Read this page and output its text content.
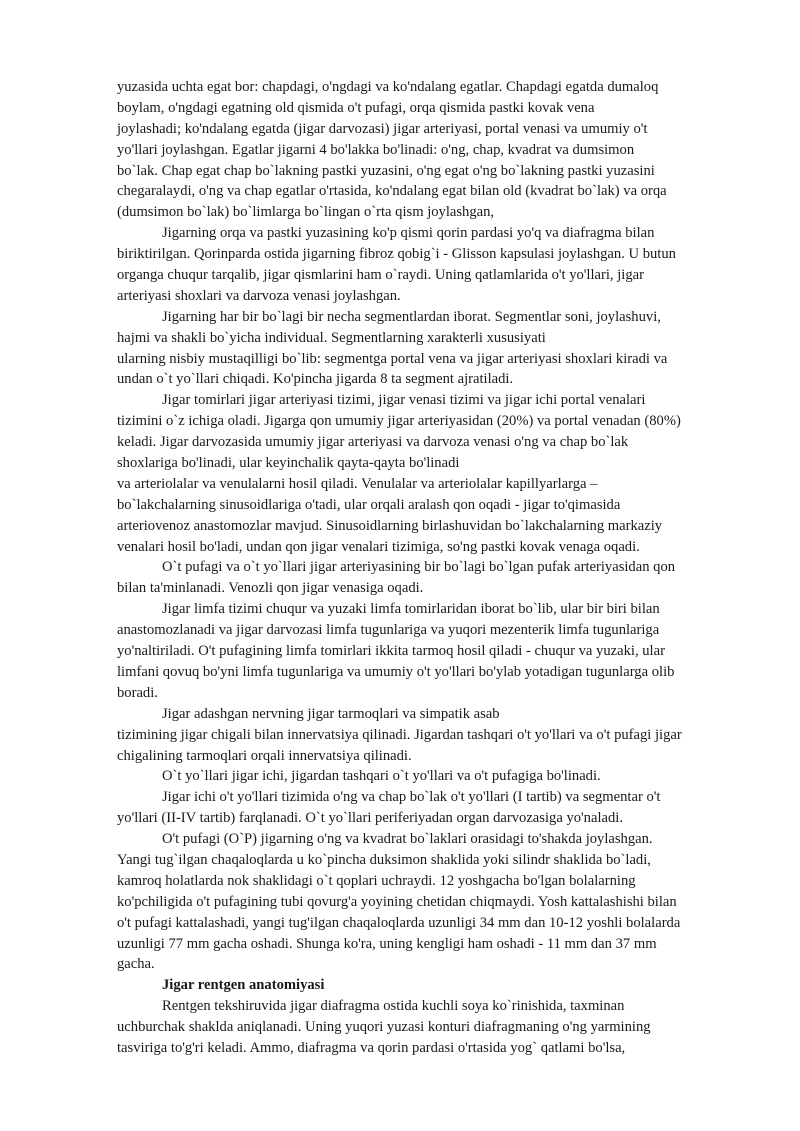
yuzasida uchta egat bor: chapdagi, o'ngdagi va ko'ndalang egatlar. Chapdagi egatda dumaloq
boylam, o'ngdagi egatning old qismida o't pufagi, orqa qismida pastki kovak vena
joylashadi; ko'ndalang egatda (jigar darvozasi) jigar arteriyasi, portal venasi va umumiy o't
yo'llari joylashgan. Egatlar jigarni 4 bo'lakka bo'linadi: o'ng, chap, kvadrat va dumsimon
bo`lak. Chap egat chap bo`lakning pastki yuzasini, o'ng egat o'ng bo`lakning pastki yuzasini
chegaralaydi, o'ng va chap egatlar o'rtasida, ko'ndalang egat bilan old (kvadrat bo`lak) va orqa
(dumsimon bo`lak) bo`limlarga bo`lingan o`rta qism joylashgan,
Jigarning orqa va pastki yuzasining ko'p qismi qorin pardasi yo'q va diafragma bilan
biriktirilgan. Qorinparda ostida jigarning fibroz qobig`i - Glisson kapsulasi joylashgan. U butun
organga chuqur tarqalib, jigar qismlarini ham o`raydi. Uning qatlamlarida o't yo'llari, jigar
arteriyasi shoxlari va darvoza venasi joylashgan.
Jigarning har bir bo`lagi bir necha segmentlardan iborat. Segmentlar soni, joylashuvi,
hajmi va shakli bo`yicha individual. Segmentlarning xarakterli xususiyati
ularning nisbiy mustaqilligi bo`lib: segmentga portal vena va jigar arteriyasi shoxlari kiradi va
undan o`t yo`llari chiqadi. Ko'pincha jigarda 8 ta segment ajratiladi.
Jigar tomirlari jigar arteriyasi tizimi, jigar venasi tizimi va jigar ichi portal venalari
tizimini o`z ichiga oladi. Jigarga qon umumiy jigar arteriyasidan (20%) va portal venadan (80%)
keladi. Jigar darvozasida umumiy jigar arteriyasi va darvoza venasi o'ng va chap bo`lak
shoxlariga bo'linadi, ular keyinchalik qayta-qayta bo'linadi
va arteriolalar va venulalarni hosil qiladi. Venulalar va arteriolalar kapillyarlarga –
bo`lakchalarning sinusoidlariga o'tadi, ular orqali aralash qon oqadi - jigar to'qimasida
arteriovenoz anastomozlar mavjud. Sinusoidlarning birlashuvidan bo`lakchalarning markaziy
venalari hosil bo'ladi, undan qon jigar venalari tizimiga, so'ng pastki kovak venaga oqadi.
O`t pufagi va o`t yo`llari jigar arteriyasining bir bo`lagi bo`lgan pufak arteriyasidan qon
bilan ta'minlanadi. Venozli qon jigar venasiga oqadi.
Jigar limfa tizimi chuqur va yuzaki limfa tomirlaridan iborat bo`lib, ular bir biri bilan
anastomozlanadi va jigar darvozasi limfa tugunlariga va yuqori mezenterik limfa tugunlariga
yo'naltiriladi. O't pufagining limfa tomirlari ikkita tarmoq hosil qiladi - chuqur va yuzaki, ular
limfani qovuq bo'yni limfa tugunlariga va umumiy o't yo'llari bo'ylab yotadigan tugunlarga olib
boradi.
Jigar adashgan nervning jigar tarmoqlari va simpatik asab
tizimining jigar chigali bilan innervatsiya qilinadi. Jigardan tashqari o't yo'llari va o't pufagi jigar
chigalining tarmoqlari orqali innervatsiya qilinadi.
O`t yo`llari jigar ichi, jigardan tashqari o`t yo'llari va o't pufagiga bo'linadi.
Jigar ichi o't yo'llari tizimida o'ng va chap bo`lak o't yo'llari (I tartib) va segmentar o't
yo'llari (II-IV tartib) farqlanadi. O`t yo`llari periferiyadan organ darvozasiga yo'naladi.
O't pufagi (O`P) jigarning o'ng va kvadrat bo`laklari orasidagi to'shakda joylashgan.
Yangi tug`ilgan chaqaloqlarda u ko`pincha duksimon shaklida yoki silindr shaklida bo`ladi,
kamroq holatlarda nok shaklidagi o`t qoplari uchraydi. 12 yoshgacha bo'lgan bolalarning
ko'pchiligida o't pufagining tubi qovurg'a yoyining chetidan chiqmaydi. Yosh kattalashishi bilan
o't pufagi kattalashadi, yangi tug'ilgan chaqaloqlarda uzunligi 34 mm dan 10-12 yoshli bolalarda
uzunligi 77 mm gacha oshadi. Shunga ko'ra, uning kengligi ham oshadi - 11 mm dan 37 mm
gacha.
Jigar rentgen anatomiyasi
Rentgen tekshiruvida jigar diafragma ostida kuchli soya ko`rinishida, taxminan
uchburchak shaklda aniqlanadi. Uning yuqori yuzasi konturi diafragmaning o'ng yarmining
tasviriga to'g'ri keladi. Ammo, diafragma va qorin pardasi o'rtasida yog` qatlami bo'lsa,
